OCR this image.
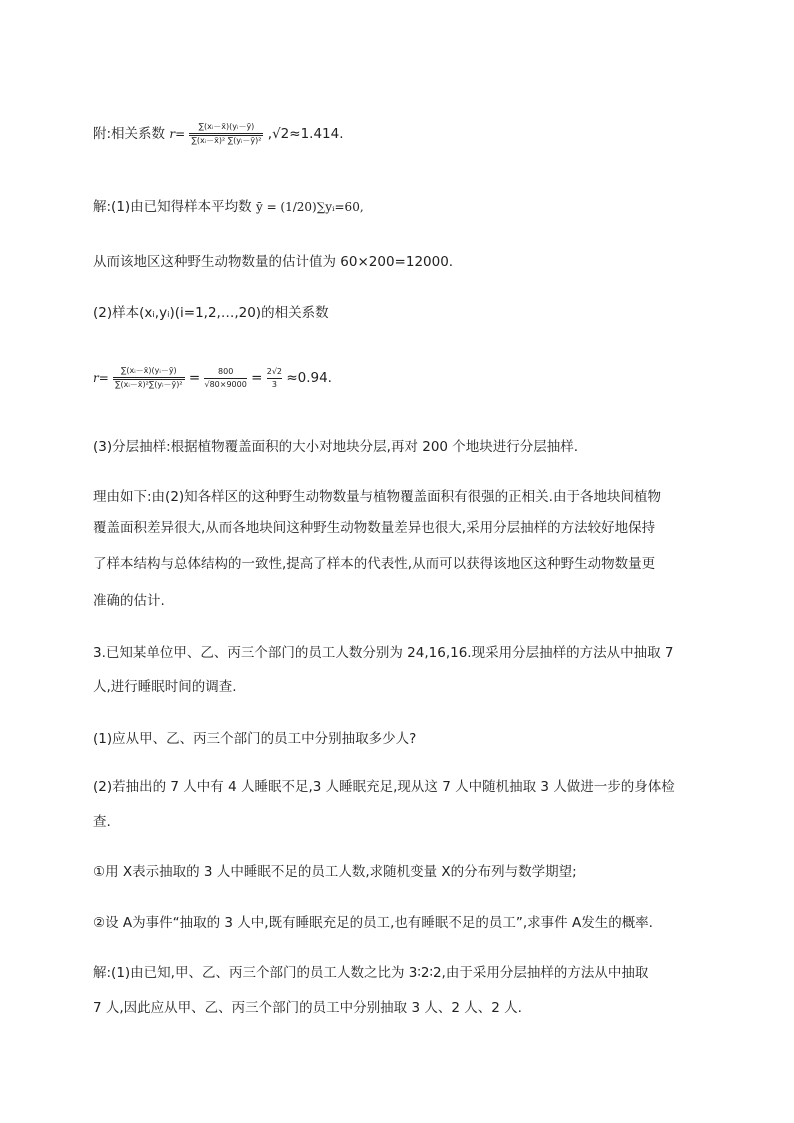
附:相关系数 $r= \frac{\text{∑(xᵢ－x̄)(yᵢ－ȳ)}}{\text{∑(xᵢ－x̄)² ∑(yᵢ－ȳ)²}} ,√2\approx 1.414$.
解:(1)由已知得样本平均数 ȳ = (1/20)∑yᵢ=60,
从而该地区这种野生动物数量的估计值为 60×200=12000.
(2)样本(xᵢ,yᵢ)(i=1,2,…,20)的相关系数
$r= \frac{\text{∑(xᵢ－x̄)(yᵢ－ȳ)}}{\text{∑(xᵢ－x̄)²∑(yᵢ－ȳ)²}} = \frac{800}{√80\times 9000} = \frac{2√2}{3} \approx 0.94$.
(3)分层抽样:根据植物覆盖面积的大小对地块分层,再对 200 个地块进行分层抽样.
理由如下:由(2)知各样区的这种野生动物数量与植物覆盖面积有很强的正相关.由于各地块间植物
覆盖面积差异很大,从而各地块间这种野生动物数量差异也很大,采用分层抽样的方法较好地保持
了样本结构与总体结构的一致性,提高了样本的代表性,从而可以获得该地区这种野生动物数量更
准确的估计.
3.已知某单位甲、乙、丙三个部门的员工人数分别为 24,16,16.现采用分层抽样的方法从中抽取 7
人,进行睡眠时间的调查.
(1)应从甲、乙、丙三个部门的员工中分别抽取多少人?
(2)若抽出的 7 人中有 4 人睡眠不足,3 人睡眠充足,现从这 7 人中随机抽取 3 人做进一步的身体检
查.
①用 X表示抽取的 3 人中睡眠不足的员工人数,求随机变量 X的分布列与数学期望;
②设 A为事件“抽取的 3 人中,既有睡眠充足的员工,也有睡眠不足的员工”,求事件 A发生的概率.
解:(1)由已知,甲、乙、丙三个部门的员工人数之比为 3∶2∶2,由于采用分层抽样的方法从中抽取
7 人,因此应从甲、乙、丙三个部门的员工中分别抽取 3 人、2 人、2 人.
